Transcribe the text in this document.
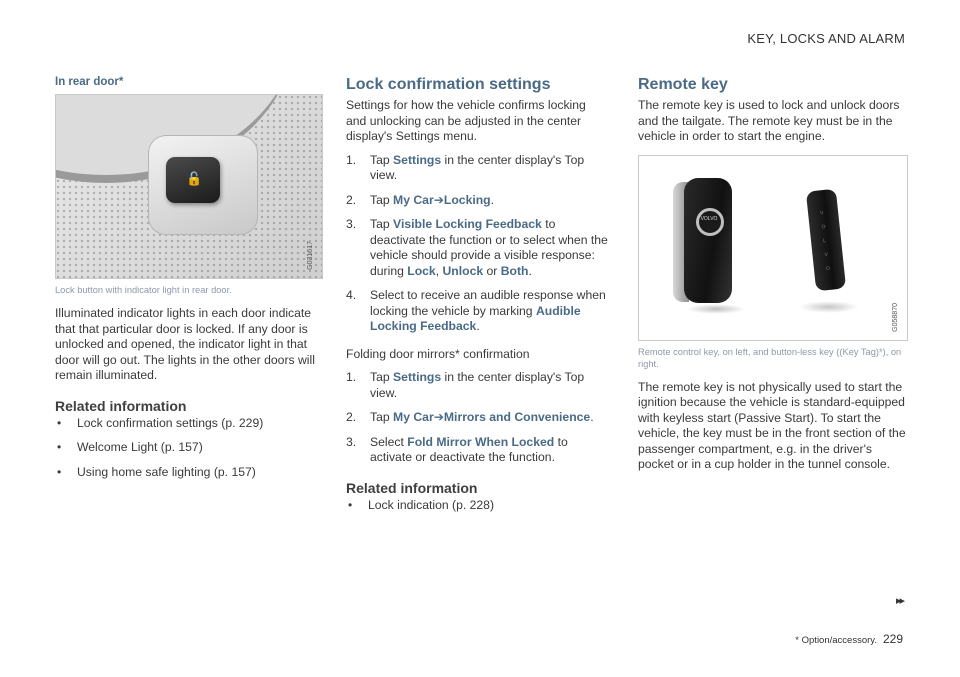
KEY, LOCKS AND ALARM
In rear door*
🔓
G031617
Lock button with indicator light in rear door.

Illuminated indicator lights in each door indicate that that particular door is locked. If any door is unlocked and opened, the indicator light in that door will go out. The lights in the other doors will remain illuminated.

Related information
• Lock confirmation settings (p. 229)
• Welcome Light (p. 157)
• Using home safe lighting (p. 157)
Lock confirmation settings

Settings for how the vehicle confirms locking and unlocking can be adjusted in the center display's Settings menu.

1. Tap Settings in the center display's Top view.
2. Tap My Car➔Locking.
3. Tap Visible Locking Feedback to deactivate the function or to select when the vehicle should provide a visible response: during Lock, Unlock or Both.
4. Select to receive an audible response when locking the vehicle by marking Audible Locking Feedback.

Folding door mirrors* confirmation

1. Tap Settings in the center display's Top view.
2. Tap My Car➔Mirrors and Convenience.
3. Select Fold Mirror When Locked to activate or deactivate the function.
Related information
• Lock indication (p. 228)
Remote key

The remote key is used to lock and unlock doors and the tailgate. The remote key must be in the vehicle in order to start the engine.

VOLVO
V
O
L
V
O
G058870
Remote control key, on left, and button-less key ((Key Tag)*), on right.

The remote key is not physically used to start the ignition because the vehicle is standard-equipped with keyless start (Passive Start). To start the vehicle, the key must be in the front section of the passenger compartment, e.g. in the driver's pocket or in a cup holder in the tunnel console.

▸▸
* Option/accessory. 229
